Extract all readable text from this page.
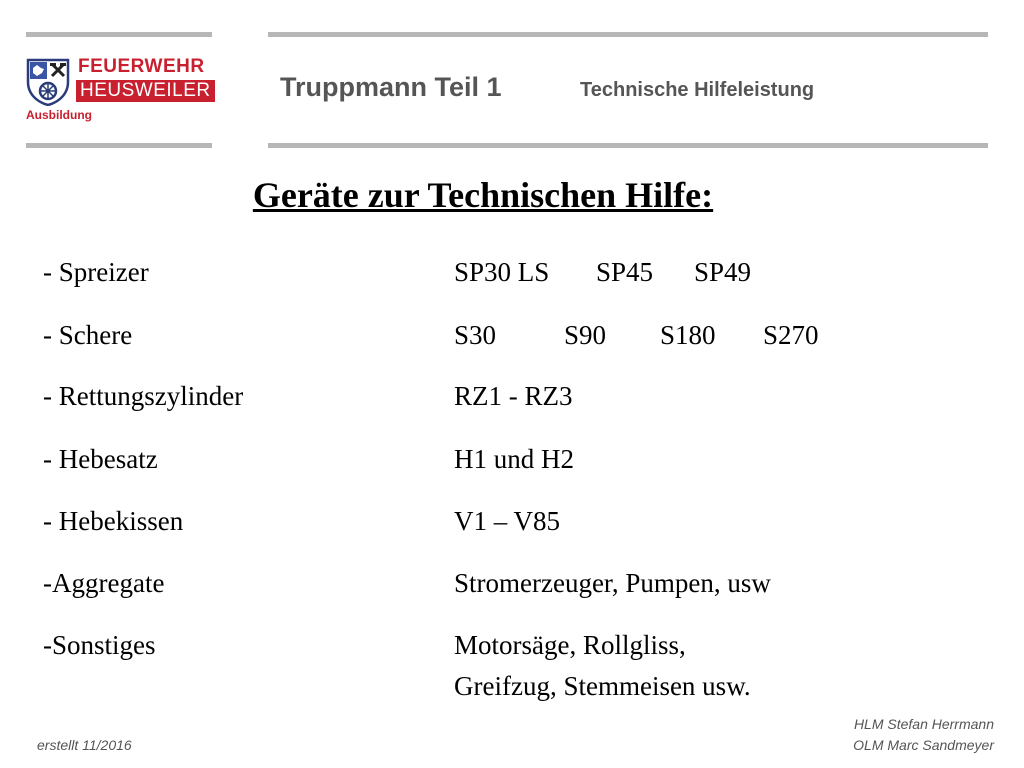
FEUERWEHR
HEUSWEILER
Ausbildung
Truppmann Teil 1	Technische Hilfeleistung
Geräte zur Technischen Hilfe:
- Spreizer	SP30 LS SP45 SP49
- Schere	S30	S90 S180 S270
- Rettungszylinder	RZ1 - RZ3
- Hebesatz	H1 und H2
- Hebekissen	V1 – V85
-Aggregate	Stromerzeuger, Pumpen, usw
-Sonstiges	Motorsäge, Rollgliss,
Greifzug, Stemmeisen usw.
erstellt 11/2016
HLM Stefan Herrmann
OLM Marc Sandmeyer
